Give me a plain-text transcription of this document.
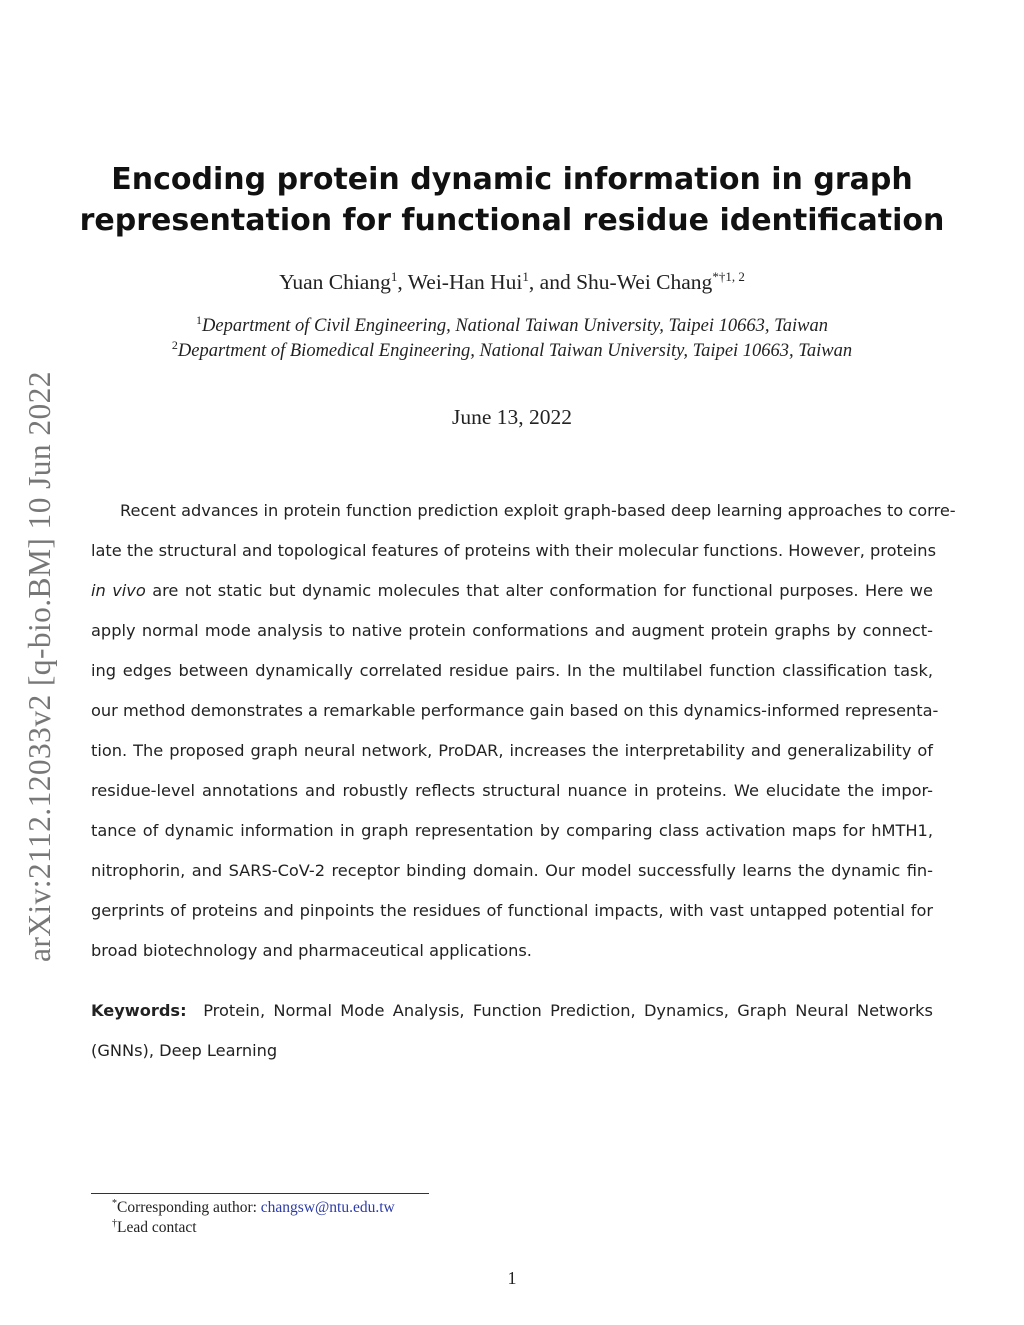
arXiv:2112.12033v2 [q-bio.BM] 10 Jun 2022
Encoding protein dynamic information in graph
representation for functional residue identification
Yuan Chiang$^1$, Wei-Han Hui$^1$, and Shu-Wei Chang$^{*\dagger 1, 2}$
$^1$Department of Civil Engineering, National Taiwan University, Taipei 10663, Taiwan
$^2$Department of Biomedical Engineering, National Taiwan University, Taipei 10663, Taiwan
June 13, 2022
Recent advances in protein function prediction exploit graph-based deep learning approaches to corre-
late the structural and topological features of proteins with their molecular functions. However, proteins
in vivo are not static but dynamic molecules that alter conformation for functional purposes. Here we
apply normal mode analysis to native protein conformations and augment protein graphs by connect-
ing edges between dynamically correlated residue pairs. In the multilabel function classification task,
our method demonstrates a remarkable performance gain based on this dynamics-informed representa-
tion. The proposed graph neural network, ProDAR, increases the interpretability and generalizability of
residue-level annotations and robustly reflects structural nuance in proteins. We elucidate the impor-
tance of dynamic information in graph representation by comparing class activation maps for hMTH1,
nitrophorin, and SARS-CoV-2 receptor binding domain. Our model successfully learns the dynamic fin-
gerprints of proteins and pinpoints the residues of functional impacts, with vast untapped potential for
broad biotechnology and pharmaceutical applications.
Keywords: Protein, Normal Mode Analysis, Function Prediction, Dynamics, Graph Neural Networks
(GNNs), Deep Learning
*Corresponding author: changsw@ntu.edu.tw
†Lead contact
1
